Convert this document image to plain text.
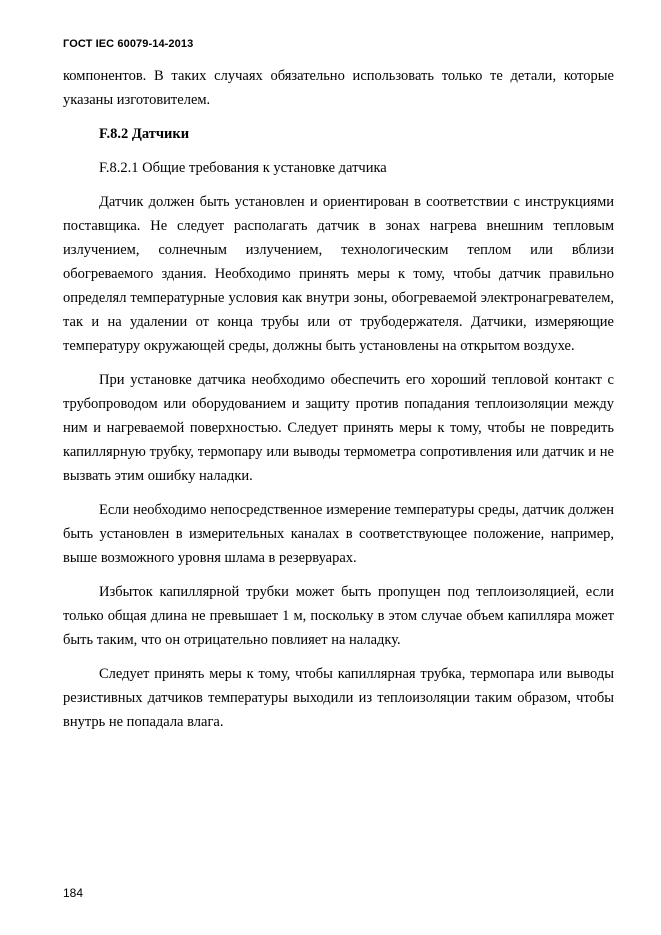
ГОСТ IEC 60079-14-2013

компонентов. В таких случаях обязательно использовать только те детали, которые указаны изготовителем.

F.8.2 Датчики

F.8.2.1 Общие требования к установке датчика

Датчик должен быть установлен и ориентирован в соответствии с инструкциями поставщика. Не следует располагать датчик в зонах нагрева внешним тепловым излучением, солнечным излучением, технологическим теплом или вблизи обогреваемого здания. Необходимо принять меры к тому, чтобы датчик правильно определял температурные условия как внутри зоны, обогреваемой электронагревателем, так и на удалении от конца трубы или от трубодержателя. Датчики, измеряющие температуру окружающей среды, должны быть установлены на открытом воздухе.

При установке датчика необходимо обеспечить его хороший тепловой контакт с трубопроводом или оборудованием и защиту против попадания теплоизоляции между ним и нагреваемой поверхностью. Следует принять меры к тому, чтобы не повредить капиллярную трубку, термопару или выводы термометра сопротивления или датчик и не вызвать этим ошибку наладки.

Если необходимо непосредственное измерение температуры среды, датчик должен быть установлен в измерительных каналах в соответствующее положение, например, выше возможного уровня шлама в резервуарах.

Избыток капиллярной трубки может быть пропущен под теплоизоляцией, если только общая длина не превышает 1 м, поскольку в этом случае объем капилляра может быть таким, что он отрицательно повлияет на наладку.

Следует принять меры к тому, чтобы капиллярная трубка, термопара или выводы резистивных датчиков температуры выходили из теплоизоляции таким образом, чтобы внутрь не попадала влага.

184
